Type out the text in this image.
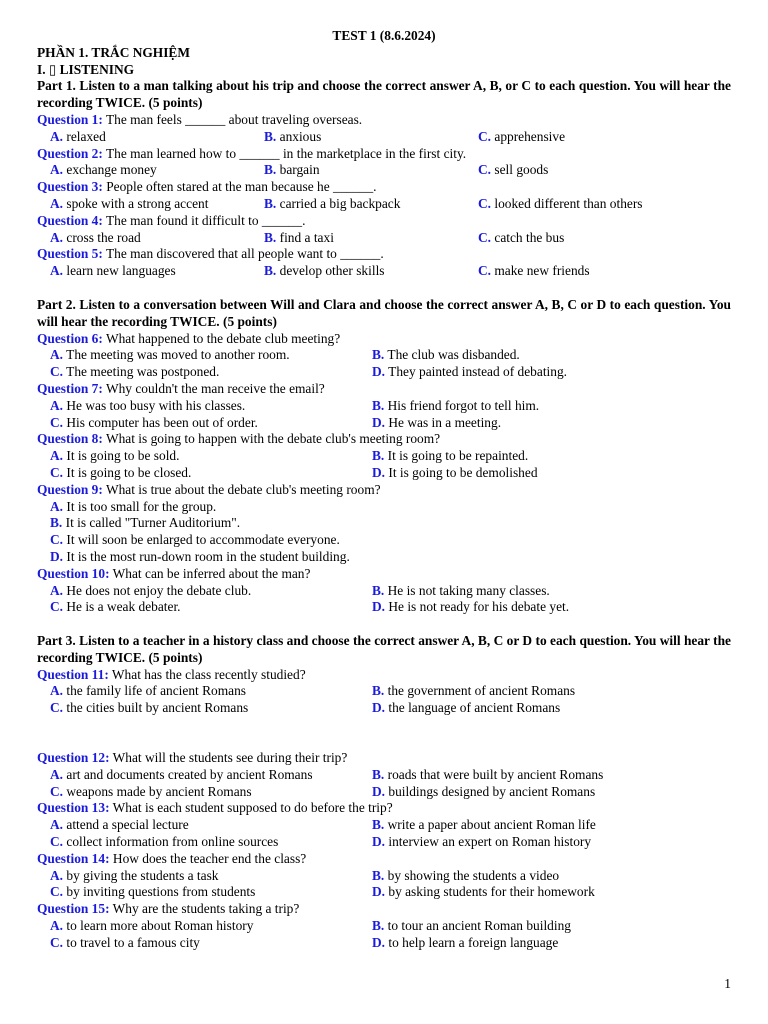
TEST 1 (8.6.2024)
PHẦN 1. TRẮC NGHIỆM
I. ▯ LISTENING
Part 1. Listen to a man talking about his trip and choose the correct answer A, B, or C to each question. You will hear the recording TWICE. (5 points)
Question 1: The man feels ______ about traveling overseas.
A. relaxed	B. anxious	C. apprehensive
Question 2: The man learned how to ______ in the marketplace in the first city.
A. exchange money	B. bargain	C. sell goods
Question 3: People often stared at the man because he ______.
A. spoke with a strong accent	B. carried a big backpack	C. looked different than others
Question 4: The man found it difficult to ______.
A. cross the road	B. find a taxi	C. catch the bus
Question 5: The man discovered that all people want to ______.
A. learn new languages	B. develop other skills	C. make new friends
Part 2. Listen to a conversation between Will and Clara and choose the correct answer A, B, C or D to each question. You will hear the recording TWICE. (5 points)
Question 6: What happened to the debate club meeting?
A. The meeting was moved to another room.	B. The club was disbanded.
C. The meeting was postponed.	D. They painted instead of debating.
Question 7: Why couldn't the man receive the email?
A. He was too busy with his classes.	B. His friend forgot to tell him.
C. His computer has been out of order.	D. He was in a meeting.
Question 8: What is going to happen with the debate club's meeting room?
A. It is going to be sold.	B. It is going to be repainted.
C. It is going to be closed.	D. It is going to be demolished
Question 9: What is true about the debate club's meeting room?
A. It is too small for the group.
B. It is called "Turner Auditorium".
C. It will soon be enlarged to accommodate everyone.
D. It is the most run-down room in the student building.
Question 10: What can be inferred about the man?
A. He does not enjoy the debate club.	B. He is not taking many classes.
C. He is a weak debater.	D. He is not ready for his debate yet.
Part 3. Listen to a teacher in a history class and choose the correct answer A, B, C or D to each question. You will hear the recording TWICE. (5 points)
Question 11: What has the class recently studied?
A. the family life of ancient Romans	B. the government of ancient Romans
C. the cities built by ancient Romans	D. the language of ancient Romans
Question 12: What will the students see during their trip?
A. art and documents created by ancient Romans	B. roads that were built by ancient Romans
C. weapons made by ancient Romans	D. buildings designed by ancient Romans
Question 13: What is each student supposed to do before the trip?
A. attend a special lecture	B. write a paper about ancient Roman life
C. collect information from online sources	D. interview an expert on Roman history
Question 14: How does the teacher end the class?
A. by giving the students a task	B. by showing the students a video
C. by inviting questions from students	D. by asking students for their homework
Question 15: Why are the students taking a trip?
A. to learn more about Roman history	B. to tour an ancient Roman building
C. to travel to a famous city	D. to help learn a foreign language
1
